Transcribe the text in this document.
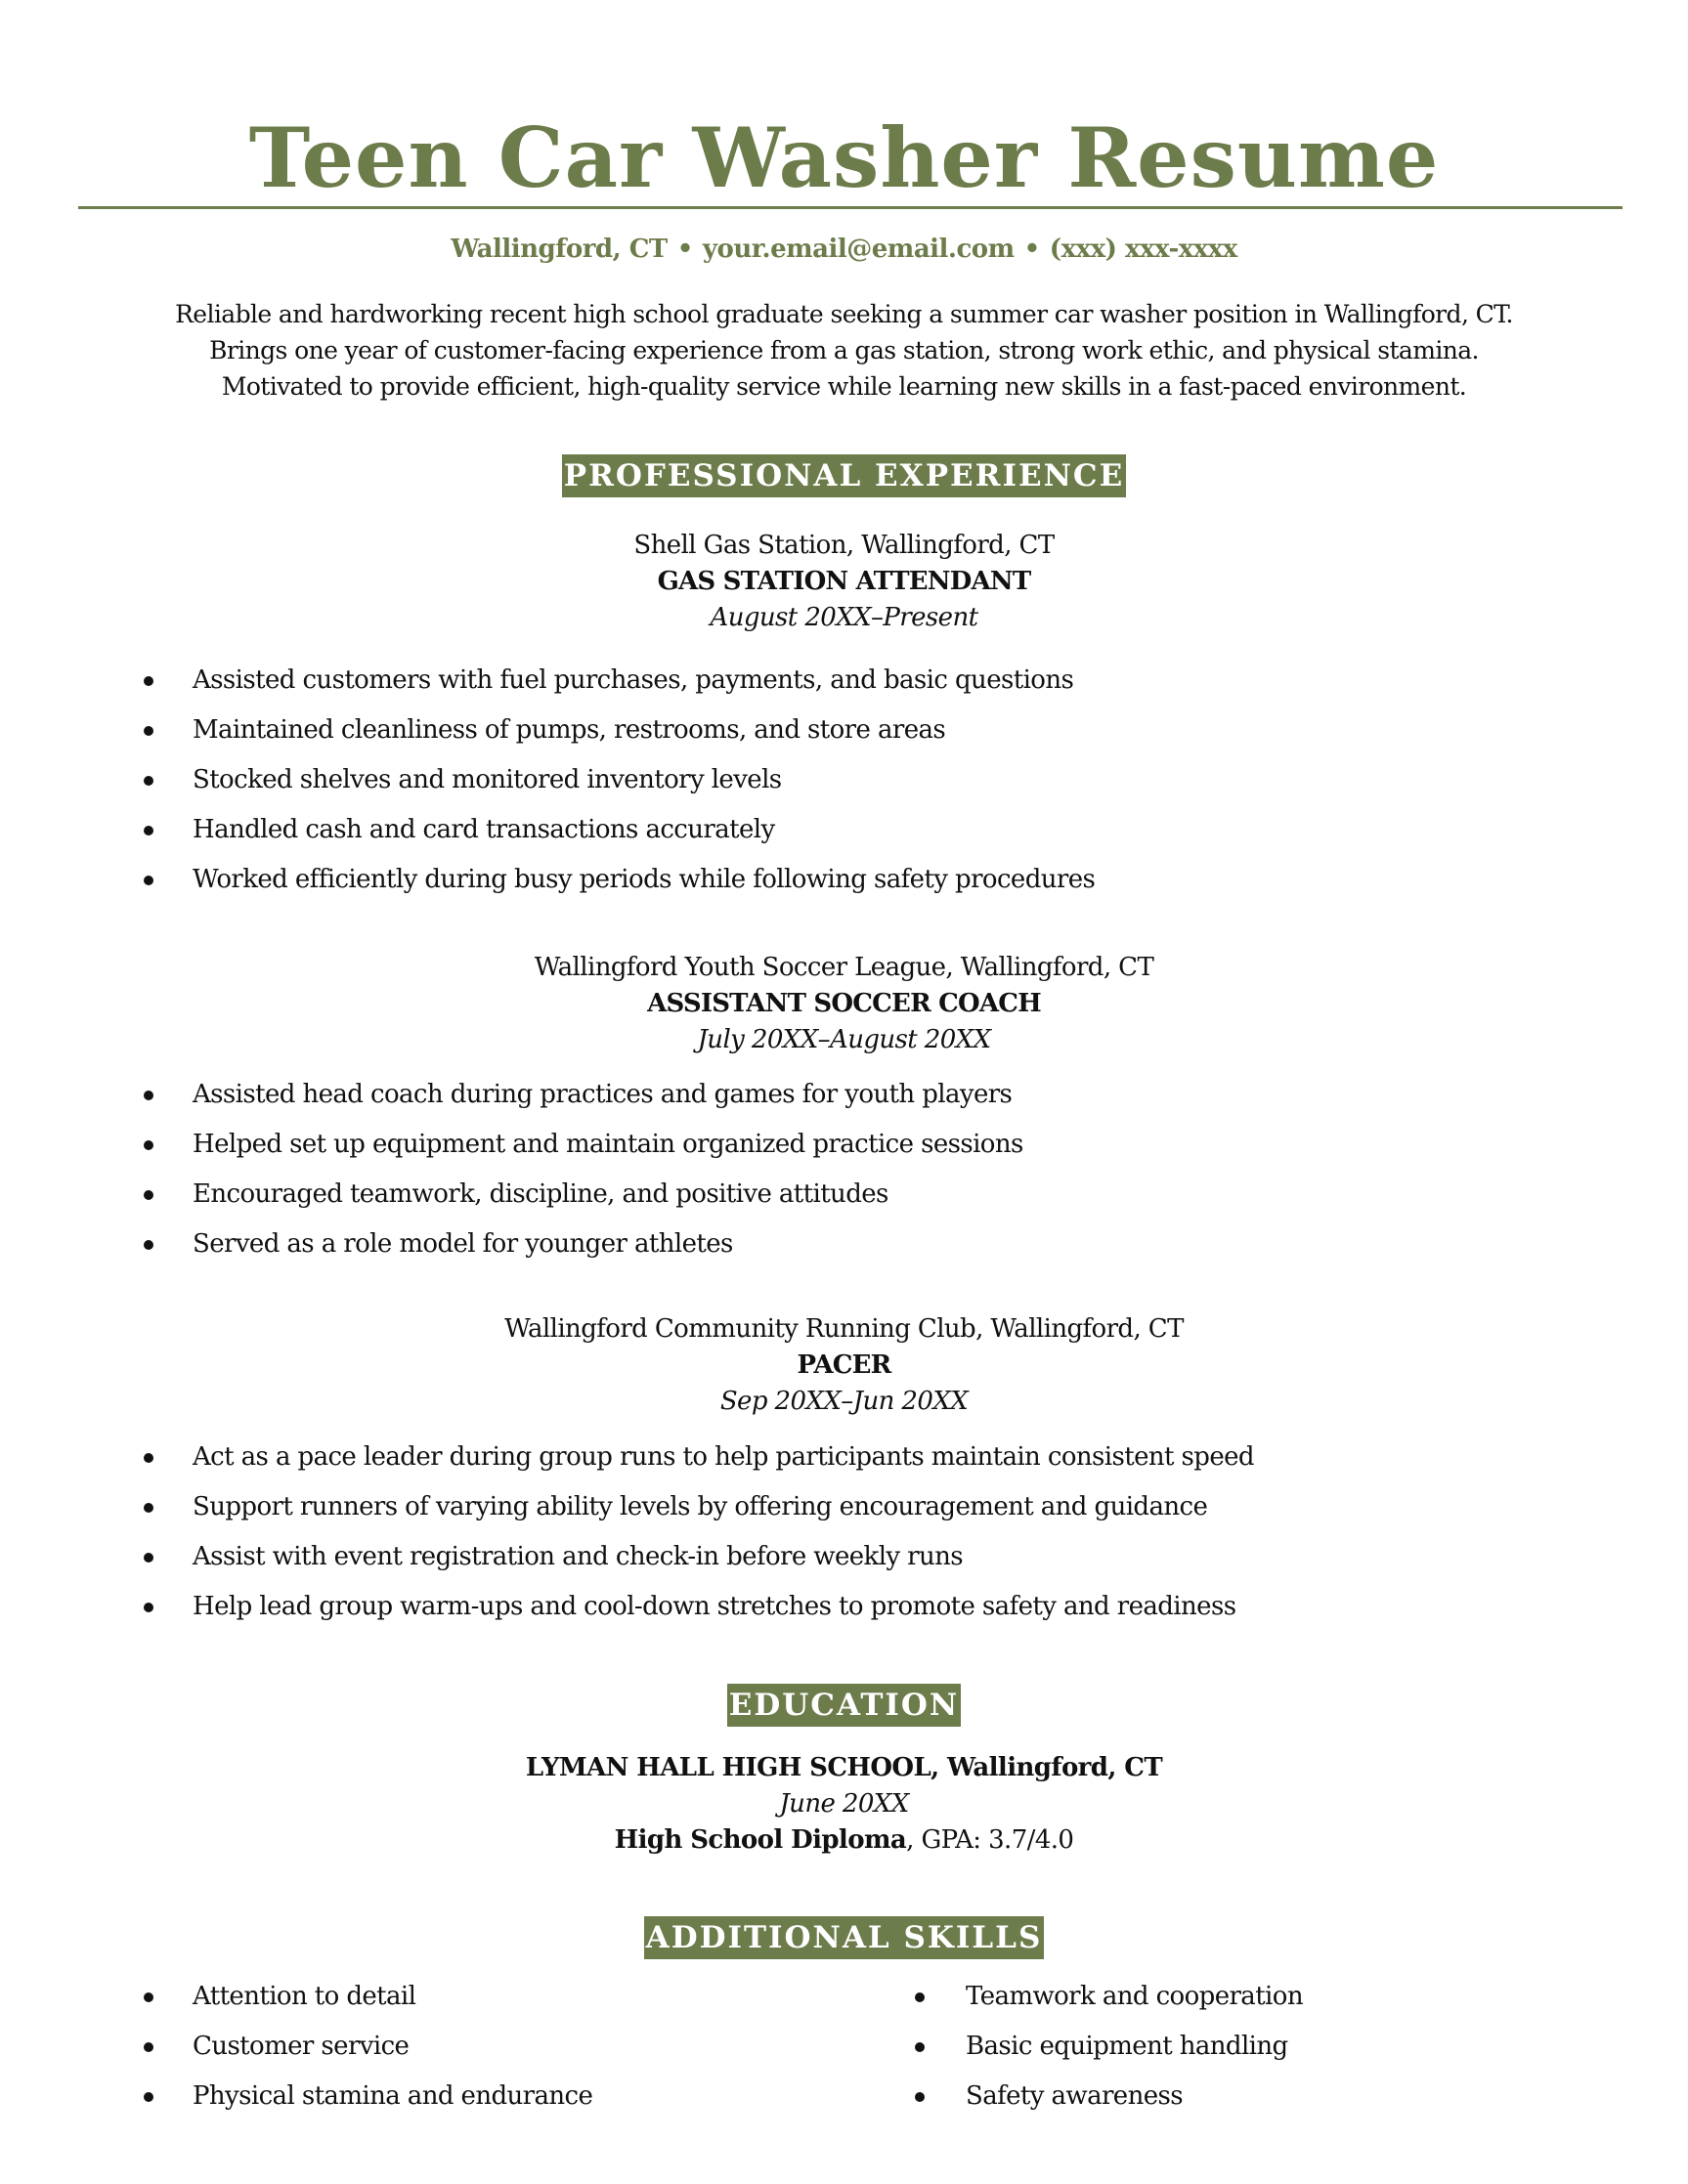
Teen Car Washer Resume
Wallingford, CT • your.email@email.com • (xxx) xxx-xxxx
Reliable and hardworking recent high school graduate seeking a summer car washer position in Wallingford, CT.
Brings one year of customer-facing experience from a gas station, strong work ethic, and physical stamina.
Motivated to provide efficient, high-quality service while learning new skills in a fast-paced environment.
PROFESSIONAL EXPERIENCE
Shell Gas Station, Wallingford, CT
GAS STATION ATTENDANT
August 20XX–Present
Assisted customers with fuel purchases, payments, and basic questions
Maintained cleanliness of pumps, restrooms, and store areas
Stocked shelves and monitored inventory levels
Handled cash and card transactions accurately
Worked efficiently during busy periods while following safety procedures
Wallingford Youth Soccer League, Wallingford, CT
ASSISTANT SOCCER COACH
July 20XX–August 20XX
Assisted head coach during practices and games for youth players
Helped set up equipment and maintain organized practice sessions
Encouraged teamwork, discipline, and positive attitudes
Served as a role model for younger athletes
Wallingford Community Running Club, Wallingford, CT
PACER
Sep 20XX–Jun 20XX
Act as a pace leader during group runs to help participants maintain consistent speed
Support runners of varying ability levels by offering encouragement and guidance
Assist with event registration and check-in before weekly runs
Help lead group warm-ups and cool-down stretches to promote safety and readiness
EDUCATION
LYMAN HALL HIGH SCHOOL, Wallingford, CT
June 20XX
High School Diploma, GPA: 3.7/4.0
ADDITIONAL SKILLS
Attention to detail
Customer service
Physical stamina and endurance
Teamwork and cooperation
Basic equipment handling
Safety awareness
